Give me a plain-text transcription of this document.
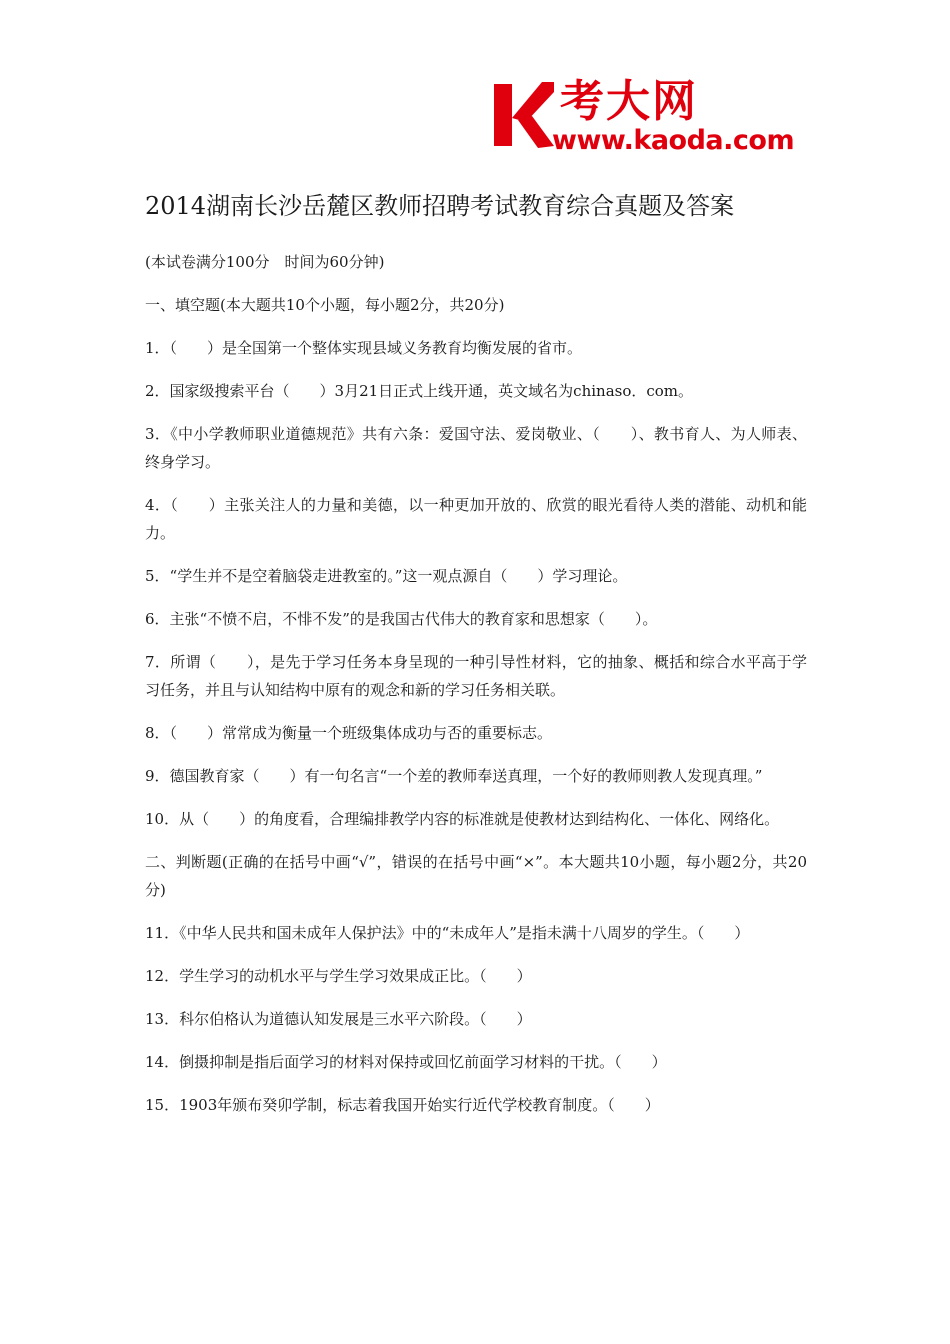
考大网
www.kaoda.com
2014湖南长沙岳麓区教师招聘考试教育综合真题及答案

(本试卷满分100分　时间为60分钟)

一、填空题(本大题共10个小题，每小题2分，共20分)

1．（　　）是全国第一个整体实现县域义务教育均衡发展的省市。

2．国家级搜索平台（　　）3月21日正式上线开通，英文域名为chinaso．com。

3．《中小学教师职业道德规范》共有六条：爱国守法、爱岗敬业、（　　）、教书育人、为人师表、终身学习。

4．（　　）主张关注人的力量和美德，以一种更加开放的、欣赏的眼光看待人类的潜能、动机和能力。

5．“学生并不是空着脑袋走进教室的。”这一观点源自（　　）学习理论。

6．主张“不愤不启，不悱不发”的是我国古代伟大的教育家和思想家（　　）。

7．所谓（　　），是先于学习任务本身呈现的一种引导性材料，它的抽象、概括和综合水平高于学习任务，并且与认知结构中原有的观念和新的学习任务相关联。

8．（　　）常常成为衡量一个班级集体成功与否的重要标志。

9．德国教育家（　　）有一句名言“一个差的教师奉送真理，一个好的教师则教人发现真理。”

10．从（　　）的角度看，合理编排教学内容的标准就是使教材达到结构化、一体化、网络化。

二、判断题(正确的在括号中画“√”，错误的在括号中画“×”。本大题共10小题，每小题2分，共20分)

11．《中华人民共和国未成年人保护法》中的“未成年人”是指未满十八周岁的学生。（　　）

12．学生学习的动机水平与学生学习效果成正比。（　　）

13．科尔伯格认为道德认知发展是三水平六阶段。（　　）

14．倒摄抑制是指后面学习的材料对保持或回忆前面学习材料的干扰。（　　）

15．1903年颁布癸卯学制，标志着我国开始实行近代学校教育制度。（　　）
